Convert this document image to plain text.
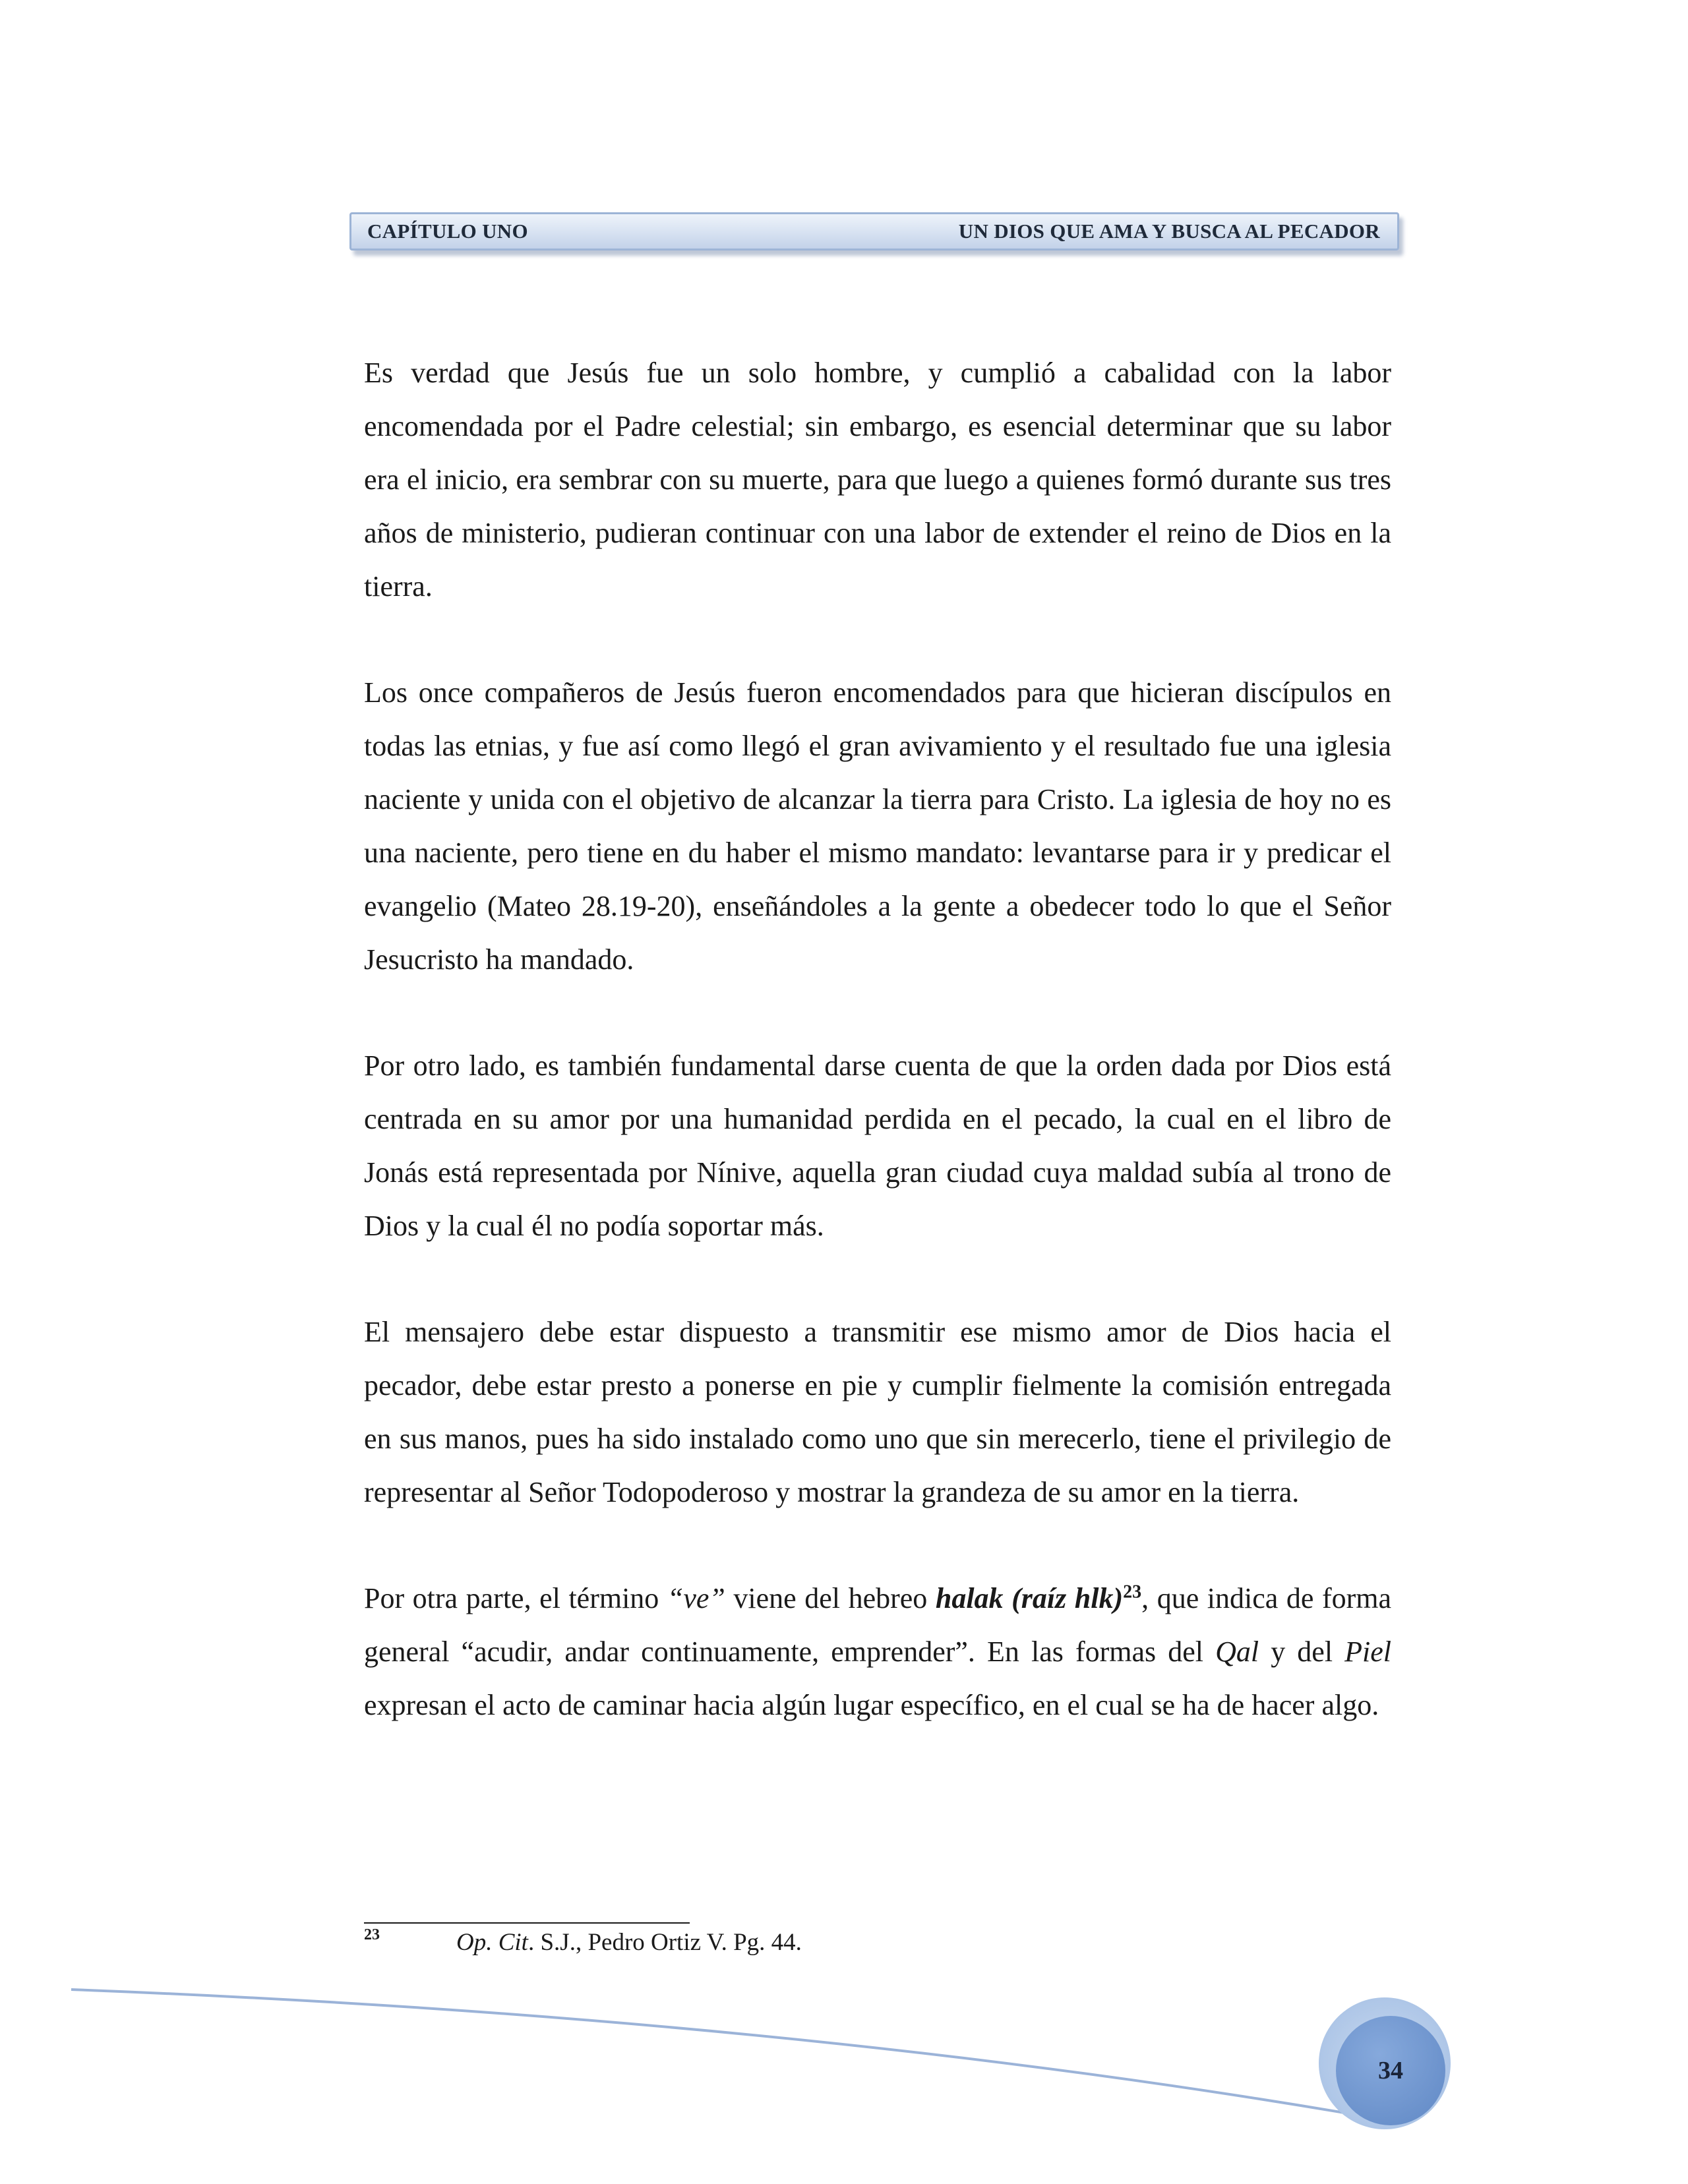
CAPÍTULO UNO	UN DIOS QUE AMA Y BUSCA AL PECADOR

Es verdad que Jesús fue un solo hombre, y cumplió a cabalidad con la labor encomendada por el Padre celestial; sin embargo, es esencial determinar que su labor era el inicio, era sembrar con su muerte, para que luego a quienes formó durante sus tres años de ministerio, pudieran continuar con una labor de extender el reino de Dios en la tierra.

Los once compañeros de Jesús fueron encomendados para que hicieran discípulos en todas las etnias, y fue así como llegó el gran avivamiento y el resultado fue una iglesia naciente y unida con el objetivo de alcanzar la tierra para Cristo. La iglesia de hoy no es una naciente, pero tiene en du haber el mismo mandato: levantarse para ir y predicar el evangelio (Mateo 28.19-20), enseñándoles a la gente a obedecer todo lo que el Señor Jesucristo ha mandado.

Por otro lado, es también fundamental darse cuenta de que la orden dada por Dios está centrada en su amor por una humanidad perdida en el pecado, la cual en el libro de Jonás está representada por Nínive, aquella gran ciudad cuya maldad subía al trono de Dios y la cual él no podía soportar más.

El mensajero debe estar dispuesto a transmitir ese mismo amor de Dios hacia el pecador, debe estar presto a ponerse en pie y cumplir fielmente la comisión entregada en sus manos, pues ha sido instalado como uno que sin merecerlo, tiene el privilegio de representar al Señor Todopoderoso y mostrar la grandeza de su amor en la tierra.

Por otra parte, el término “ve” viene del hebreo halak (raíz hlk)$^{23}$, que indica de forma general “acudir, andar continuamente, emprender”. En las formas del Qal y del Piel expresan el acto de caminar hacia algún lugar específico, en el cual se ha de hacer algo.

23	Op. Cit. S.J., Pedro Ortiz V. Pg. 44.
34
